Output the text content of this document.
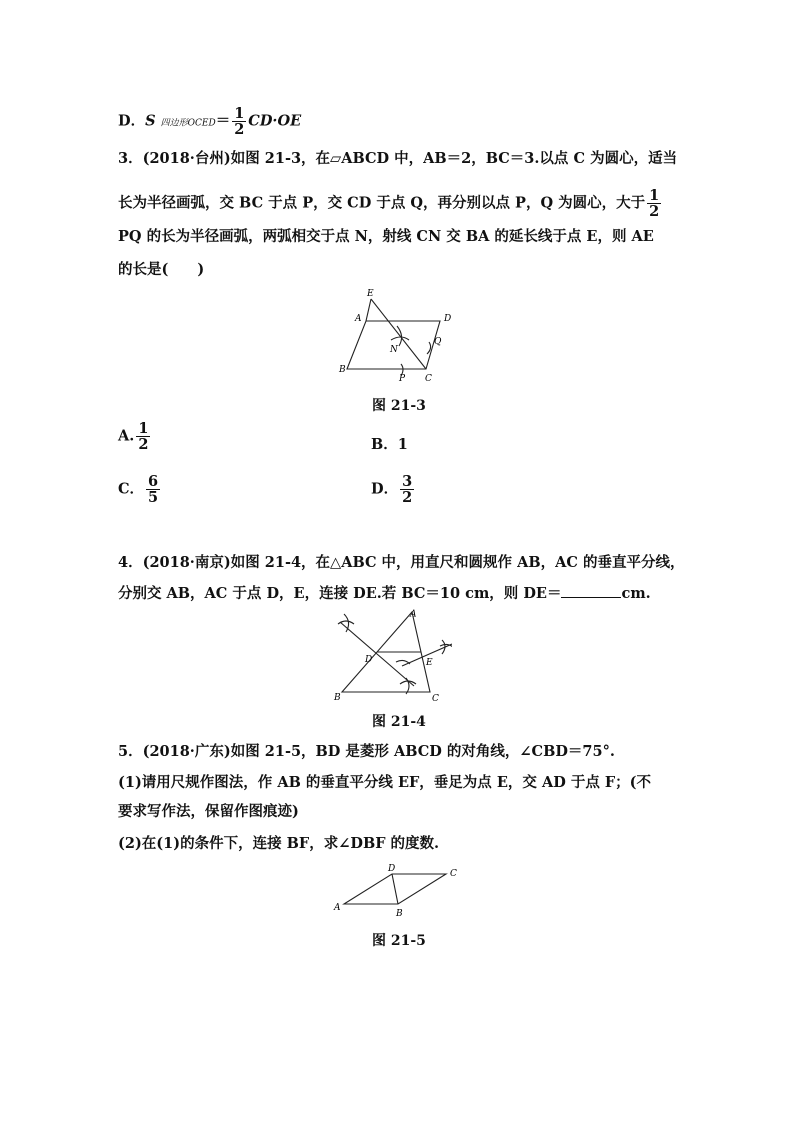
D．S 四边形OCED＝ $\frac{1}{2} CD\cdot OE$
3．(2018·台州)如图 21-3，在▱ABCD 中，AB＝2，BC＝3.以点 C 为圆心，适当
长为半径画弧，交 BC 于点 P，交 CD 于点 Q，再分别以点 P，Q 为圆心，大于 $\frac{1}{2}$
PQ 的长为半径画弧，两弧相交于点 N，射线 CN 交 BA 的延长线于点 E，则 AE
的长是(　　)
E
A	D
N
Q
B
P C
图 21-3
A. $\frac{1}{2}$	B．1
C． $\frac{6}{5}$	D． $\frac{3}{2}$
4．(2018·南京)如图 21-4，在△ABC 中，用直尺和圆规作 AB，AC 的垂直平分线，
分别交 AB，AC 于点 D，E，连接 DE.若 BC＝10 cm，则 DE＝	cm.
A
D	E
B	C
图 21-4
5．(2018·广东)如图 21-5，BD 是菱形 ABCD 的对角线，∠CBD＝75°.
(1)请用尺规作图法，作 AB 的垂直平分线 EF，垂足为点 E，交 AD 于点 F；(不
要求写作法，保留作图痕迹)
(2)在(1)的条件下，连接 BF，求∠DBF 的度数.
A
B
C
D
图 21-5
